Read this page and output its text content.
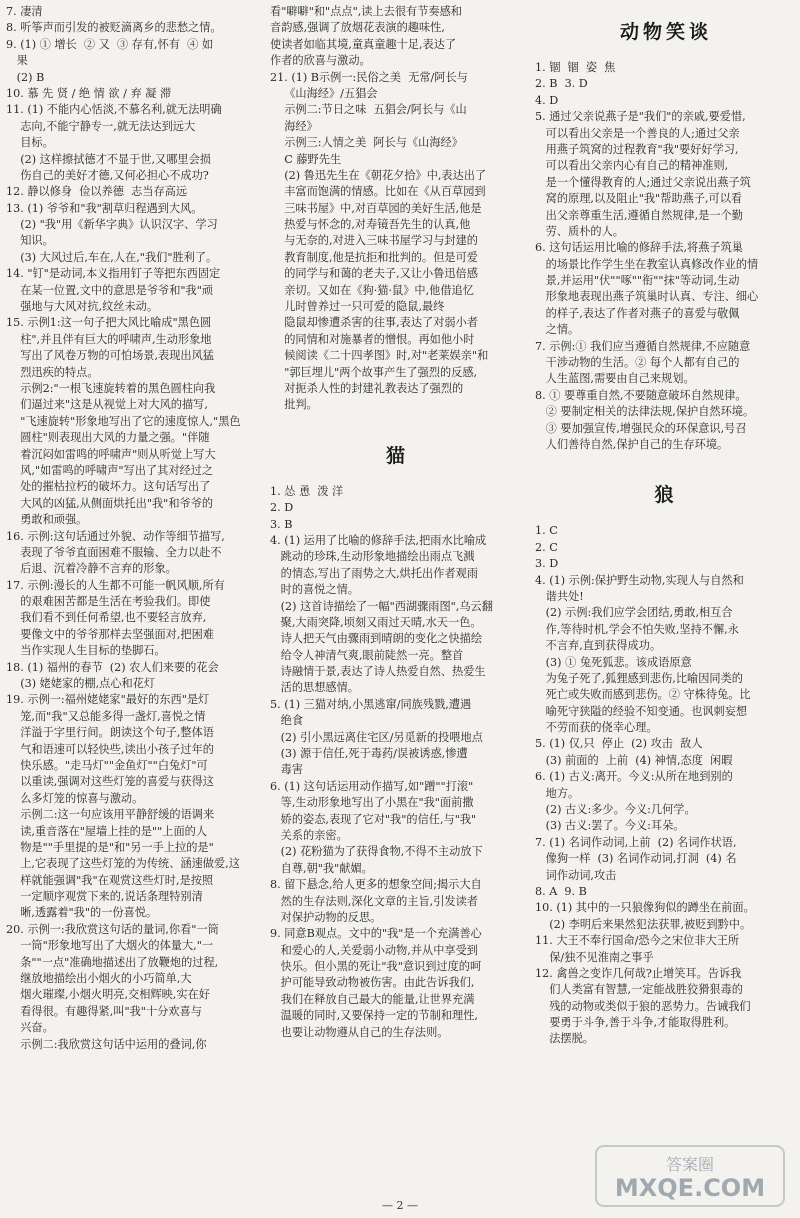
7. 凄清
8. 听筝声而引发的被贬滴离乡的悲愁之情。
9. (1) ① 增长  ② 又  ③ 存有,怀有  ④ 如
果
(2) B
10. 慕 先 贤 / 绝 情 欲 / 弃 凝 滞
11. (1) 不能内心恬淡,不慕名利,就无法明确
志向,不能宁静专一,就无法达到远大
目标。
(2) 这样擦拭德才不显于世,又哪里会损
伤自己的美好才德,又何必担心不成功?
12. 静以修身  俭以养德  志当存高远
13. (1) 爷爷和"我"割草归程遇到大风。
(2) "我"用《新华字典》认识汉字、学习
知识。
(3) 大风过后,车在,人在,"我们"胜利了。
14. "钉"是动词,本义指用钉子等把东西固定
在某一位置,文中的意思是爷爷和"我"顽
强地与大风对抗,纹丝未动。
15. 示例1:这一句子把大风比喻成"黑色圆
柱",并且伴有巨大的呼啸声,生动形象地
写出了风卷万物的可怕场景,表现出风猛
烈迅疾的特点。
示例2:"一根飞速旋转着的黑色圆柱向我
们逼过来"这是从视觉上对大风的描写,
"飞速旋转"形象地写出了它的速度惊人,"黑色
圆柱"则表现出大风的力量之强。"伴随
着沉闷如雷鸣的呼啸声"则从听觉上写大
风,"如雷鸣的呼啸声"写出了其对经过之
处的摧枯拉朽的破坏力。这句话写出了
大风的凶猛,从侧面烘托出"我"和爷爷的
勇敢和顽强。
16. 示例:这句话通过外貌、动作等细节描写,
表现了爷爷直面困难不服输、全力以赴不
后退、沉着冷静不言弃的形象。
17. 示例:漫长的人生都不可能一帆风顺,所有
的艰难困苦都是生活在考验我们。即使
我们看不到任何希望,也不要轻言放弃,
要像文中的爷爷那样去坚强面对,把困难
当作实现人生目标的垫脚石。
18. (1) 福州的春节  (2) 农人们来要的花会
(3) 姥姥家的棚,点心和花灯
19. 示例一:福州姥姥家"最好的东西"是灯
笼,而"我"又总能多得一盏灯,喜悦之情
洋溢于字里行间。朗读这个句子,整体语
气和语速可以轻快些,读出小孩子过年的
快乐感。"走马灯""金鱼灯""白兔灯"可
以重读,强调对这些灯笼的喜爱与获得这
么多灯笼的惊喜与激动。
示例二:这一句应该用平静舒缓的语调来
读,重音落在"屋墙上挂的是""上面的人
物是""手里提的是"和"另一手上拉的是"
上,它表现了这些灯笼的为传统、涵速做爱,这
样就能强调"我"在观赏这些灯时,是按照
一定顺序观赏下来的,说话条理特别清
晰,透露着"我"的一份喜悦。
20. 示例一:我欣赏这句话的量词,你看"一筒
一筒"形象地写出了大烟火的体量大,"一
条""一点"准确地描述出了放鞭炮的过程,
继放地描绘出小烟火的小巧简单,大
烟火璀璨,小烟火明亮,交相辉映,实在好
看得很。有趣得紧,叫"我"十分欢喜与
兴奋。
示例二:我欣赏这句话中运用的叠词,你
看"噼噼"和"点点",读上去很有节奏感和
音韵感,强调了放烟花表演的趣味性,
使读者如临其境,童真童趣十足,表达了
作者的欣喜与激动。
21. (1) B示例一:民俗之美  无常/阿长与
《山海经》/五猖会
示例二:节日之味  五猖会/阿长与《山
海经》
示例三:人情之美  阿长与《山海经》
C 藤野先生
(2) 鲁迅先生在《朝花夕拾》中,表达出了
丰富而饱满的情感。比如在《从百草园到
三味书屋》中,对百草园的美好生活,他是
热爱与怀念的,对寿镜吾先生的认真,他
与无奈的,对进入三味书屋学习与封建的
教育制度,他是抗拒和批判的。但是可爱
的同学与和蔼的老夫子,又让小鲁迅倍感
亲切。又如在《狗·猫·鼠》中,他借追忆
儿时曾养过一只可爱的隐鼠,最终
隐鼠却惨遭杀害的往事,表达了对弱小者
的同情和对施暴者的憎恨。再如他小时
候阅读《二十四孝图》时,对"老莱娱亲"和
"郭巨埋儿"两个故事产生了强烈的反感,
对扼杀人性的封建礼教表达了强烈的
批判。
猫
1. 怂 恿  泼 洋
2. D
3. B
4. (1) 运用了比喻的修辞手法,把雨水比喻成
跳动的珍珠,生动形象地描绘出雨点飞溅
的情态,写出了雨势之大,烘托出作者观雨
时的喜悦之情。
(2) 这首诗描绘了一幅"西湖骤雨图",乌云翻
聚,大雨突降,顷刻又雨过天晴,水天一色。
诗人把天气由骤雨到晴朗的变化之快描绘
给令人神清气爽,眼前陡然一亮。整首
诗融情于景,表达了诗人热爱自然、热爱生
活的思想感情。
5. (1) 三猫对纳,小黑逃窜/同族残戮,遭遇
绝食
(2) 引小黑远离住宅区/另觅新的投喂地点
(3) 源于信任,死于毒药/误被诱惑,惨遭
毒害
6. (1) 这句话运用动作描写,如"蹭""打滚"
等,生动形象地写出了小黑在"我"面前撒
娇的姿态,表现了它对"我"的信任,与"我"
关系的亲密。
(2) 花粉猫为了获得食物,不得不主动放下
自尊,朝"我"献媚。
8. 留下悬念,给人更多的想象空间;揭示大自
然的生存法则,深化文章的主旨,引发读者
对保护动物的反思。
9. 同意B观点。文中的"我"是一个充满善心
和爱心的人,关爱弱小动物,并从中享受到
快乐。但小黑的死让"我"意识到过度的呵
护可能导致动物被伤害。由此告诉我们,
我们在释放自己最大的能量,让世界充满
温暖的同时,又要保持一定的节制和理性,
也要让动物遵从自己的生存法则。
动物笑谈
1. 锢  锢  姿  焦
2. B  3. D
4. D
5. 通过父亲说燕子是"我们"的亲戚,要爱惜,
可以看出父亲是一个善良的人;通过父亲
用燕子筑窝的过程教育"我"要好好学习,
可以看出父亲内心有自己的精神准则,
是一个懂得教育的人;通过父亲说出燕子筑
窝的原理,以及阻止"我"帮助燕子,可以看
出父亲尊重生活,遵循自然规律,是一个勤
劳、质朴的人。
6. 这句话运用比喻的修辞手法,将燕子筑巢
的场景比作学生坐在教室认真修改作业的情
景,并运用"伏""啄""衔""抹"等动词,生动
形象地表现出燕子筑巢时认真、专注、细心
的样子,表达了作者对燕子的喜爱与敬佩
之情。
7. 示例:① 我们应当遵循自然规律,不应随意
干涉动物的生活。② 每个人都有自己的
人生蓝图,需要由自己来规划。
8. ① 要尊重自然,不要随意破坏自然规律。
② 要制定相关的法律法规,保护自然环境。
③ 要加强宣传,增强民众的环保意识,号召
人们善待自然,保护自己的生存环境。
狼
1. C
2. C
3. D
4. (1) 示例:保护野生动物,实现人与自然和
谐共处!
(2) 示例:我们应学会团结,勇敢,相互合
作,等待时机,学会不怕失败,坚持不懈,永
不言弃,直到获得成功。
(3) ① 兔死狐悲。该成语原意
为兔子死了,狐狸感到悲伤,比喻因同类的
死亡或失败而感到悲伤。② 守株待兔。比
喻死守狭隘的经验不知变通。也讽刺妄想
不劳而获的侥幸心理。
5. (1) 仅,只  停止  (2) 攻击  敌人
(3) 前面的  上前  (4) 神情,态度  闲暇
6. (1) 古义:离开。今义:从所在地到别的
地方。
(2) 古义:多少。今义:几何学。
(3) 古义:罢了。今义:耳朵。
7. (1) 名词作动词,上前  (2) 名词作状语,
像狗一样  (3) 名词作动词,打洞  (4) 名
词作动词,攻击
8. A  9. B
10. (1) 其中的一只狼像狗似的蹲坐在前面。
(2) 李明后来果然犯法获罪,被贬到黔中。
11. 大王不奉行国命/恐今之宋位非大王所
保/独不见淮南之事乎
12. 禽兽之变诈几何哉?止增笑耳。告诉我
们人类富有智慧,一定能战胜狡猾狠毒的
残的动物或类似于狼的恶势力。告诫我们
要勇于斗争,善于斗争,才能取得胜利。
法摆脱。
— 2 —
答案圈
MXQE.COM
